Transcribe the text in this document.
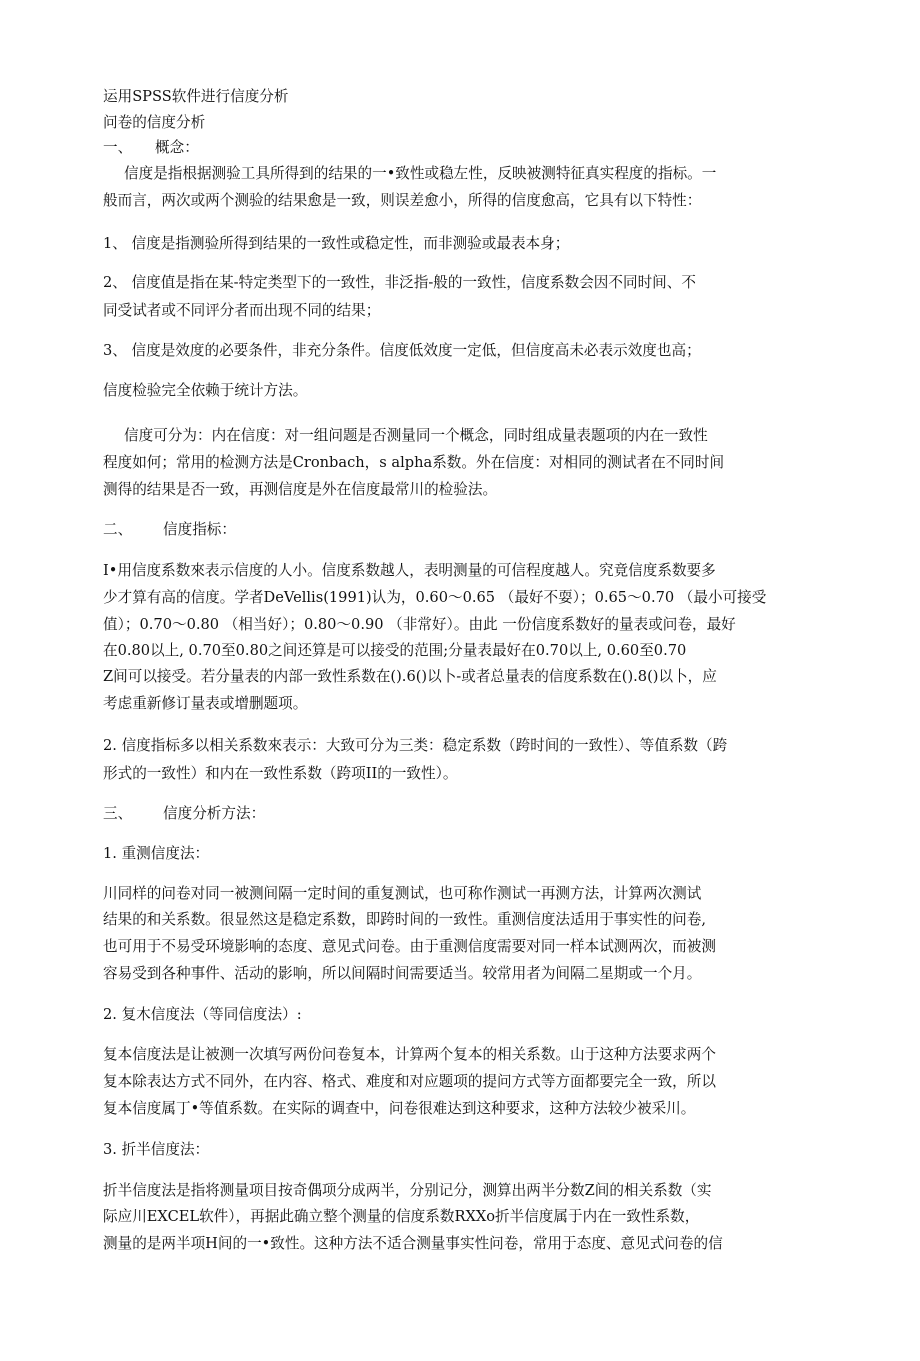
运用SPSS软件进行信度分析
问卷的信度分析
一、 概念：
信度是指根据测验工具所得到的结果的一•致性或稳左性，反映被测特征真实程度的指标。一
般而言，两次或两个测验的结果愈是一致，则误差愈小，所得的信度愈高，它具有以下特性：
1、 信度是指测验所得到结果的一致性或稳定性，而非测验或最表本身；
2、 信度值是指在某-特定类型下的一致性，非泛指-般的一致性，信度系数会因不同时间、不
同受试者或不同评分者而出现不同的结果；
3、 信度是效度的必要条件，非充分条件。信度低效度一定低，但信度高未必表示效度也高；
信度检验完全依赖于统计方法。
信度可分为：内在信度：对一组问题是否测量同一个概念，同时组成量表题项的内在一致性
程度如何；常用的检测方法是Cronbach，s alpha系数。外在信度：对相同的测试者在不同时间
测得的结果是否一致，再测信度是外在信度最常川的检验法。
二、 信度指标：
I•用信度系数來表示信度的人小。信度系数越人，表明测量的可信程度越人。究竟信度系数要多
少才算有高的信度。学者DeVellis(1991)认为，0.60〜0.65 （最好不耍）；0.65〜0.70 （最小可接受
值）；0.70〜0.80 （相当好）；0.80〜0.90 （非常好）。由此 一份信度系数好的量表或问卷，最好
在0.80以上, 0.70至0.80之间还算是可以接受的范围;分量表最好在0.70以上, 0.60至0.70
Z间可以接受。若分量表的内部一致性系数在().6()以卜-或者总量表的信度系数在().8()以卜，应
考虑重新修订量表或增删题项。
2. 信度指标多以相关系数來表示：大致可分为三类：稳定系数（跨时间的一致性）、等值系数（跨
形式的一致性）和内在一致性系数（跨项II的一致性）。
三、 信度分析方法：
1. 重测信度法：
川同样的问卷对同一被测间隔一定时间的重复测试，也可称作测试一再测方法，计算两次测试
结果的和关系数。很显然这是稳定系数，即跨时间的一致性。重测信度法适用于事实性的问卷,
也可用于不易受环境影响的态度、意见式问卷。由于重测信度需要对同一样本试测两次，而被测
容易受到各种事件、活动的影响，所以间隔时间需要适当。较常用者为间隔二星期或一个月。
2. 复木信度法（等同信度法）:
复本信度法是让被测一次填写两份问卷复本，计算两个复本的相关系数。山于这种方法要求两个
复本除表达方式不同外，在内容、格式、难度和对应题项的提问方式等方面都要完全一致，所以
复本信度属丁•等值系数。在实际的调查中，问卷很难达到这种要求，这种方法较少被采川。
3. 折半信度法：
折半信度法是指将测量项目按奇偶项分成两半，分别记分，测算出两半分数Z间的相关系数（实
际应川EXCEL软件），再据此确立整个测量的信度系数RXXo折半信度属于内在一致性系数，
测量的是两半项H间的一•致性。这种方法不适合测量事实性问卷，常用于态度、意见式问卷的信
